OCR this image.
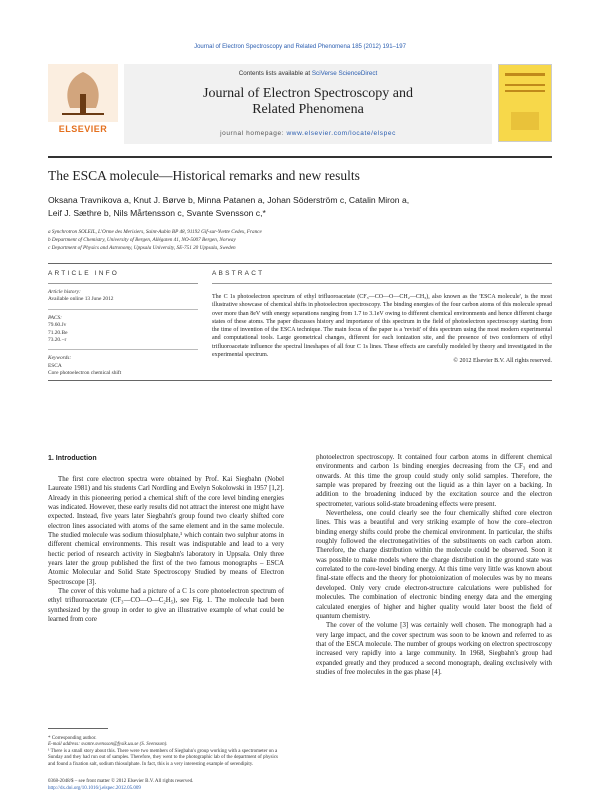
Journal of Electron Spectroscopy and Related Phenomena 185 (2012) 191–197
ELSEVIER
Contents lists available at SciVerse ScienceDirect
Journal of Electron Spectroscopy and
Related Phenomena
journal homepage: www.elsevier.com/locate/elspec
The ESCA molecule—Historical remarks and new results
Oksana Travnikova a, Knut J. Børve b, Minna Patanen a, Johan Söderström c, Catalin Miron a,
Leif J. Sæthre b, Nils Mårtensson c, Svante Svensson c,*
a Synchrotron SOLEIL, L'Orme des Merisiers, Saint-Aubin BP 48, 91192 Gif-sur-Yvette Cedex, France
b Department of Chemistry, University of Bergen, Allégaten 41, NO-5007 Bergen, Norway
c Department of Physics and Astronomy, Uppsala University, SE-751 20 Uppsala, Sweden
ARTICLE INFO
Article history:
Available online 13 June 2012
PACS:
79.60.Jv
71.20.Be
73.20.−r
Keywords:
ESCA
Core photoelectron chemical shift
ABSTRACT
The C 1s photoelectron spectrum of ethyl trifluoroacetate (CF₃—CO—O—CH₂—CH₃), also known as the 'ESCA molecule', is the most illustrative showcase of chemical shifts in photoelectron spectroscopy. The binding energies of the four carbon atoms of this molecule spread over more than 8eV with energy separations ranging from 1.7 to 3.1eV owing to different chemical environments and hence different charge states of these atoms. The paper discusses history and importance of this spectrum in the field of photoelectron spectroscopy starting from the time of invention of the ESCA technique. The main focus of the paper is a 'revisit' of this spectrum using the most modern experimental and computational tools. Large geometrical changes, different for each ionization site, and the presence of two conformers of ethyl trifluoroacetate influence the spectral lineshapes of all four C 1s lines. These effects are carefully modeled by theory and investigated in the experimental spectrum.
© 2012 Elsevier B.V. All rights reserved.
1. Introduction

The first core electron spectra were obtained by Prof. Kai Siegbahn (Nobel Laureate 1981) and his students Carl Nordling and Evelyn Sokolowski in 1957 [1,2]. Already in this pioneering period a chemical shift of the core level binding energies was indicated. However, these early results did not attract the interest one might have expected. Instead, five years later Siegbahn's group found two clearly shifted core electron lines associated with atoms of the same element and in the same molecule. The studied molecule was sodium thiosulphate,¹ which contain two sulphur atoms in different chemical environments. This result was indisputable and lead to a very hectic period of research activity in Siegbahn's laboratory in Uppsala. Only three years later the group published the first of the two famous monographs – ESCA Atomic Molecular and Solid State Spectroscopy Studied by means of Electron Spectroscope [3].

The cover of this volume had a picture of a C 1s core photoelectron spectrum of ethyl trifluoroacetate (CF₃—CO—O—C₂H₅), see Fig. 1. The molecule had been synthesized by the group in order to give an illustrative example of what could be learned from core

photoelectron spectroscopy. It contained four carbon atoms in different chemical environments and carbon 1s binding energies decreasing from the CF₃ end and onwards. At this time the group could study only solid samples. Therefore, the sample was prepared by freezing out the liquid as a thin layer on a backing. In addition to the broadening induced by the excitation source and the electron spectrometer, various solid-state broadening effects were present.

Nevertheless, one could clearly see the four chemically shifted core electron lines. This was a beautiful and very striking example of how the core–electron binding energy shifts could probe the chemical environment. In particular, the shifts roughly followed the electronegativities of the substituents on each carbon atom. Therefore, the charge distribution within the molecule could be observed. Soon it was possible to make models where the charge distribution in the ground state was correlated to the core-level binding energy. At this time very little was known about final-state effects and the theory for photoionization of molecules was by no means developed. Only very crude electron-structure calculations were published for molecules. The combination of electronic binding energy data and the emerging calculated energies of higher and higher quality would later boost the field of quantum chemistry.

The cover of the volume [3] was certainly well chosen. The monograph had a very large impact, and the cover spectrum was soon to be known and referred to as that of the ESCA molecule. The number of groups working on electron spectroscopy increased very rapidly into a large community. In 1968, Siegbahn's group had expanded greatly and they produced a second monograph, dealing exclusively with studies of free molecules in the gas phase [4].

* Corresponding author.
E-mail address: svante.svensson@fysik.uu.se (S. Svensson).
¹ There is a small story about this. There were two members of Siegbahn's group working with a spectrometer on a Sunday and they had run out of samples. Therefore, they went to the photographic lab of the department of physics and found a fixation salt, sodium thiosulphate. In fact, this is a very interesting example of serendipity.
0368-2048/$ – see front matter © 2012 Elsevier B.V. All rights reserved.
http://dx.doi.org/10.1016/j.elspec.2012.05.009
